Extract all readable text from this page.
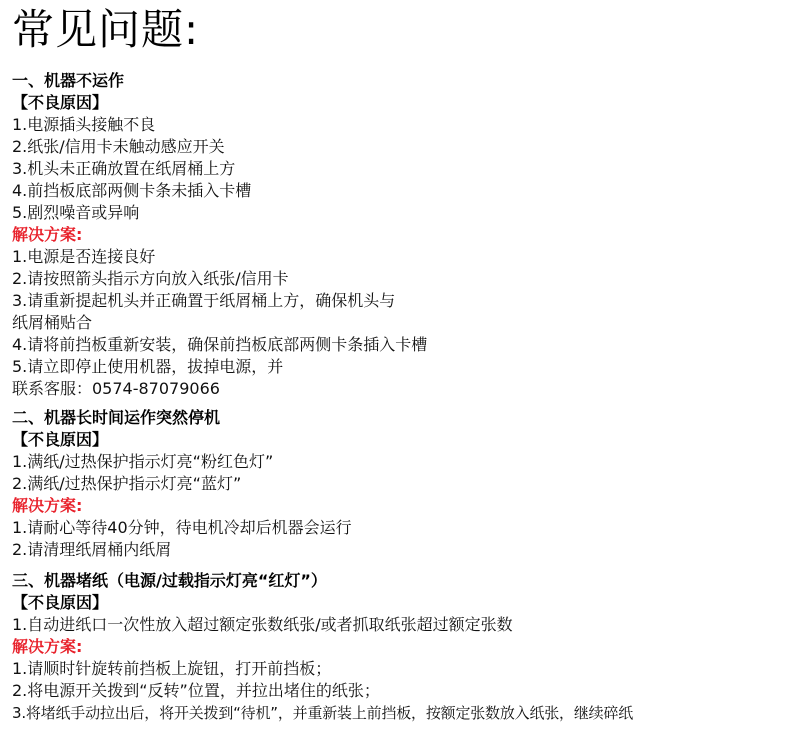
常见问题:
一、机器不运作
【不良原因】
1.电源插头接触不良
2.纸张/信用卡未触动感应开关
3.机头未正确放置在纸屑桶上方
4.前挡板底部两侧卡条未插入卡槽
5.剧烈噪音或异响
解决方案:
1.电源是否连接良好
2.请按照箭头指示方向放入纸张/信用卡
3.请重新提起机头并正确置于纸屑桶上方，确保机头与
纸屑桶贴合
4.请将前挡板重新安装，确保前挡板底部两侧卡条插入卡槽
5.请立即停止使用机器，拔掉电源，并
联系客服：0574-87079066
二、机器长时间运作突然停机
【不良原因】
1.满纸/过热保护指示灯亮“粉红色灯”
2.满纸/过热保护指示灯亮“蓝灯”
解决方案:
1.请耐心等待40分钟，待电机冷却后机器会运行
2.请清理纸屑桶内纸屑
三、机器堵纸（电源/过载指示灯亮“红灯”）
【不良原因】
1.自动进纸口一次性放入超过额定张数纸张/或者抓取纸张超过额定张数
解决方案:
1.请顺时针旋转前挡板上旋钮，打开前挡板；
2.将电源开关拨到“反转”位置，并拉出堵住的纸张；
3.将堵纸手动拉出后，将开关拨到“待机”，并重新装上前挡板，按额定张数放入纸张，继续碎纸
